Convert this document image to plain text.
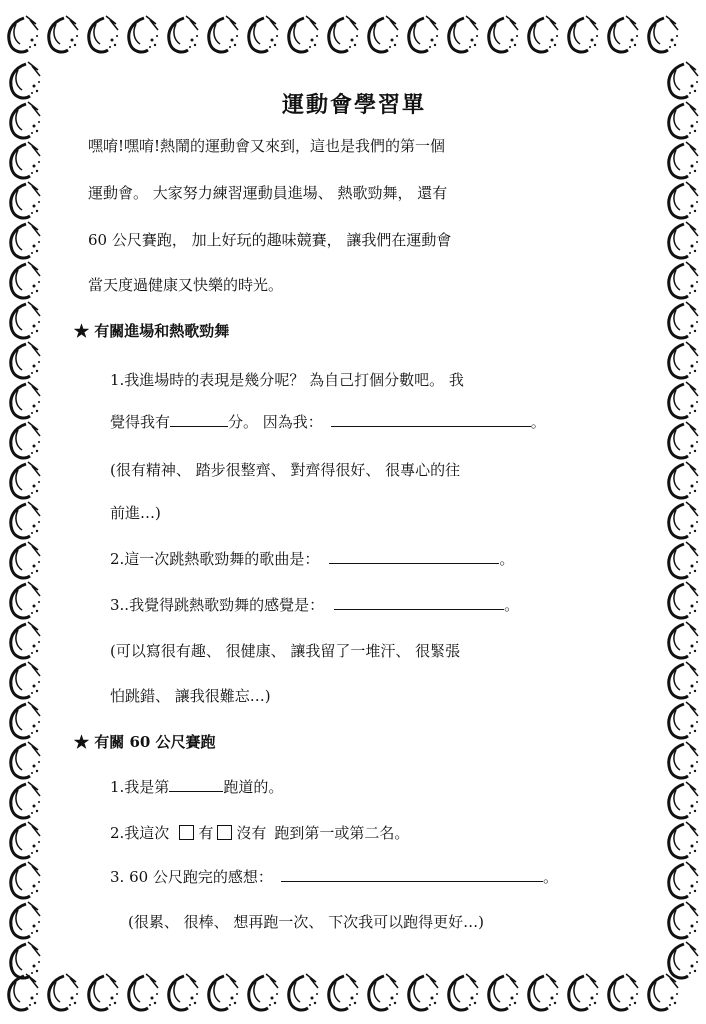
運動會學習單
嘿唷!嘿唷!熱鬧的運動會又來到，這也是我們的第一個
運動會。 大家努力練習運動員進場、 熱歌勁舞， 還有
60 公尺賽跑， 加上好玩的趣味競賽， 讓我們在運動會
當天度過健康又快樂的時光。
★ 有關進場和熱歌勁舞
1.我進場時的表現是幾分呢？ 為自己打個分數吧。 我
覺得我有	分。 因為我：	。
(很有精神、 踏步很整齊、 對齊得很好、 很專心的往
前進…)
2.這一次跳熱歌勁舞的歌曲是：	。
3..我覺得跳熱歌勁舞的感覺是：	。
(可以寫很有趣、 很健康、 讓我留了一堆汗、 很緊張
怕跳錯、 讓我很難忘…)
★ 有關 60 公尺賽跑
1.我是第	跑道的。
2.我這次 有 沒有 跑到第一或第二名。
3. 60 公尺跑完的感想：	。
(很累、 很棒、 想再跑一次、 下次我可以跑得更好…)
